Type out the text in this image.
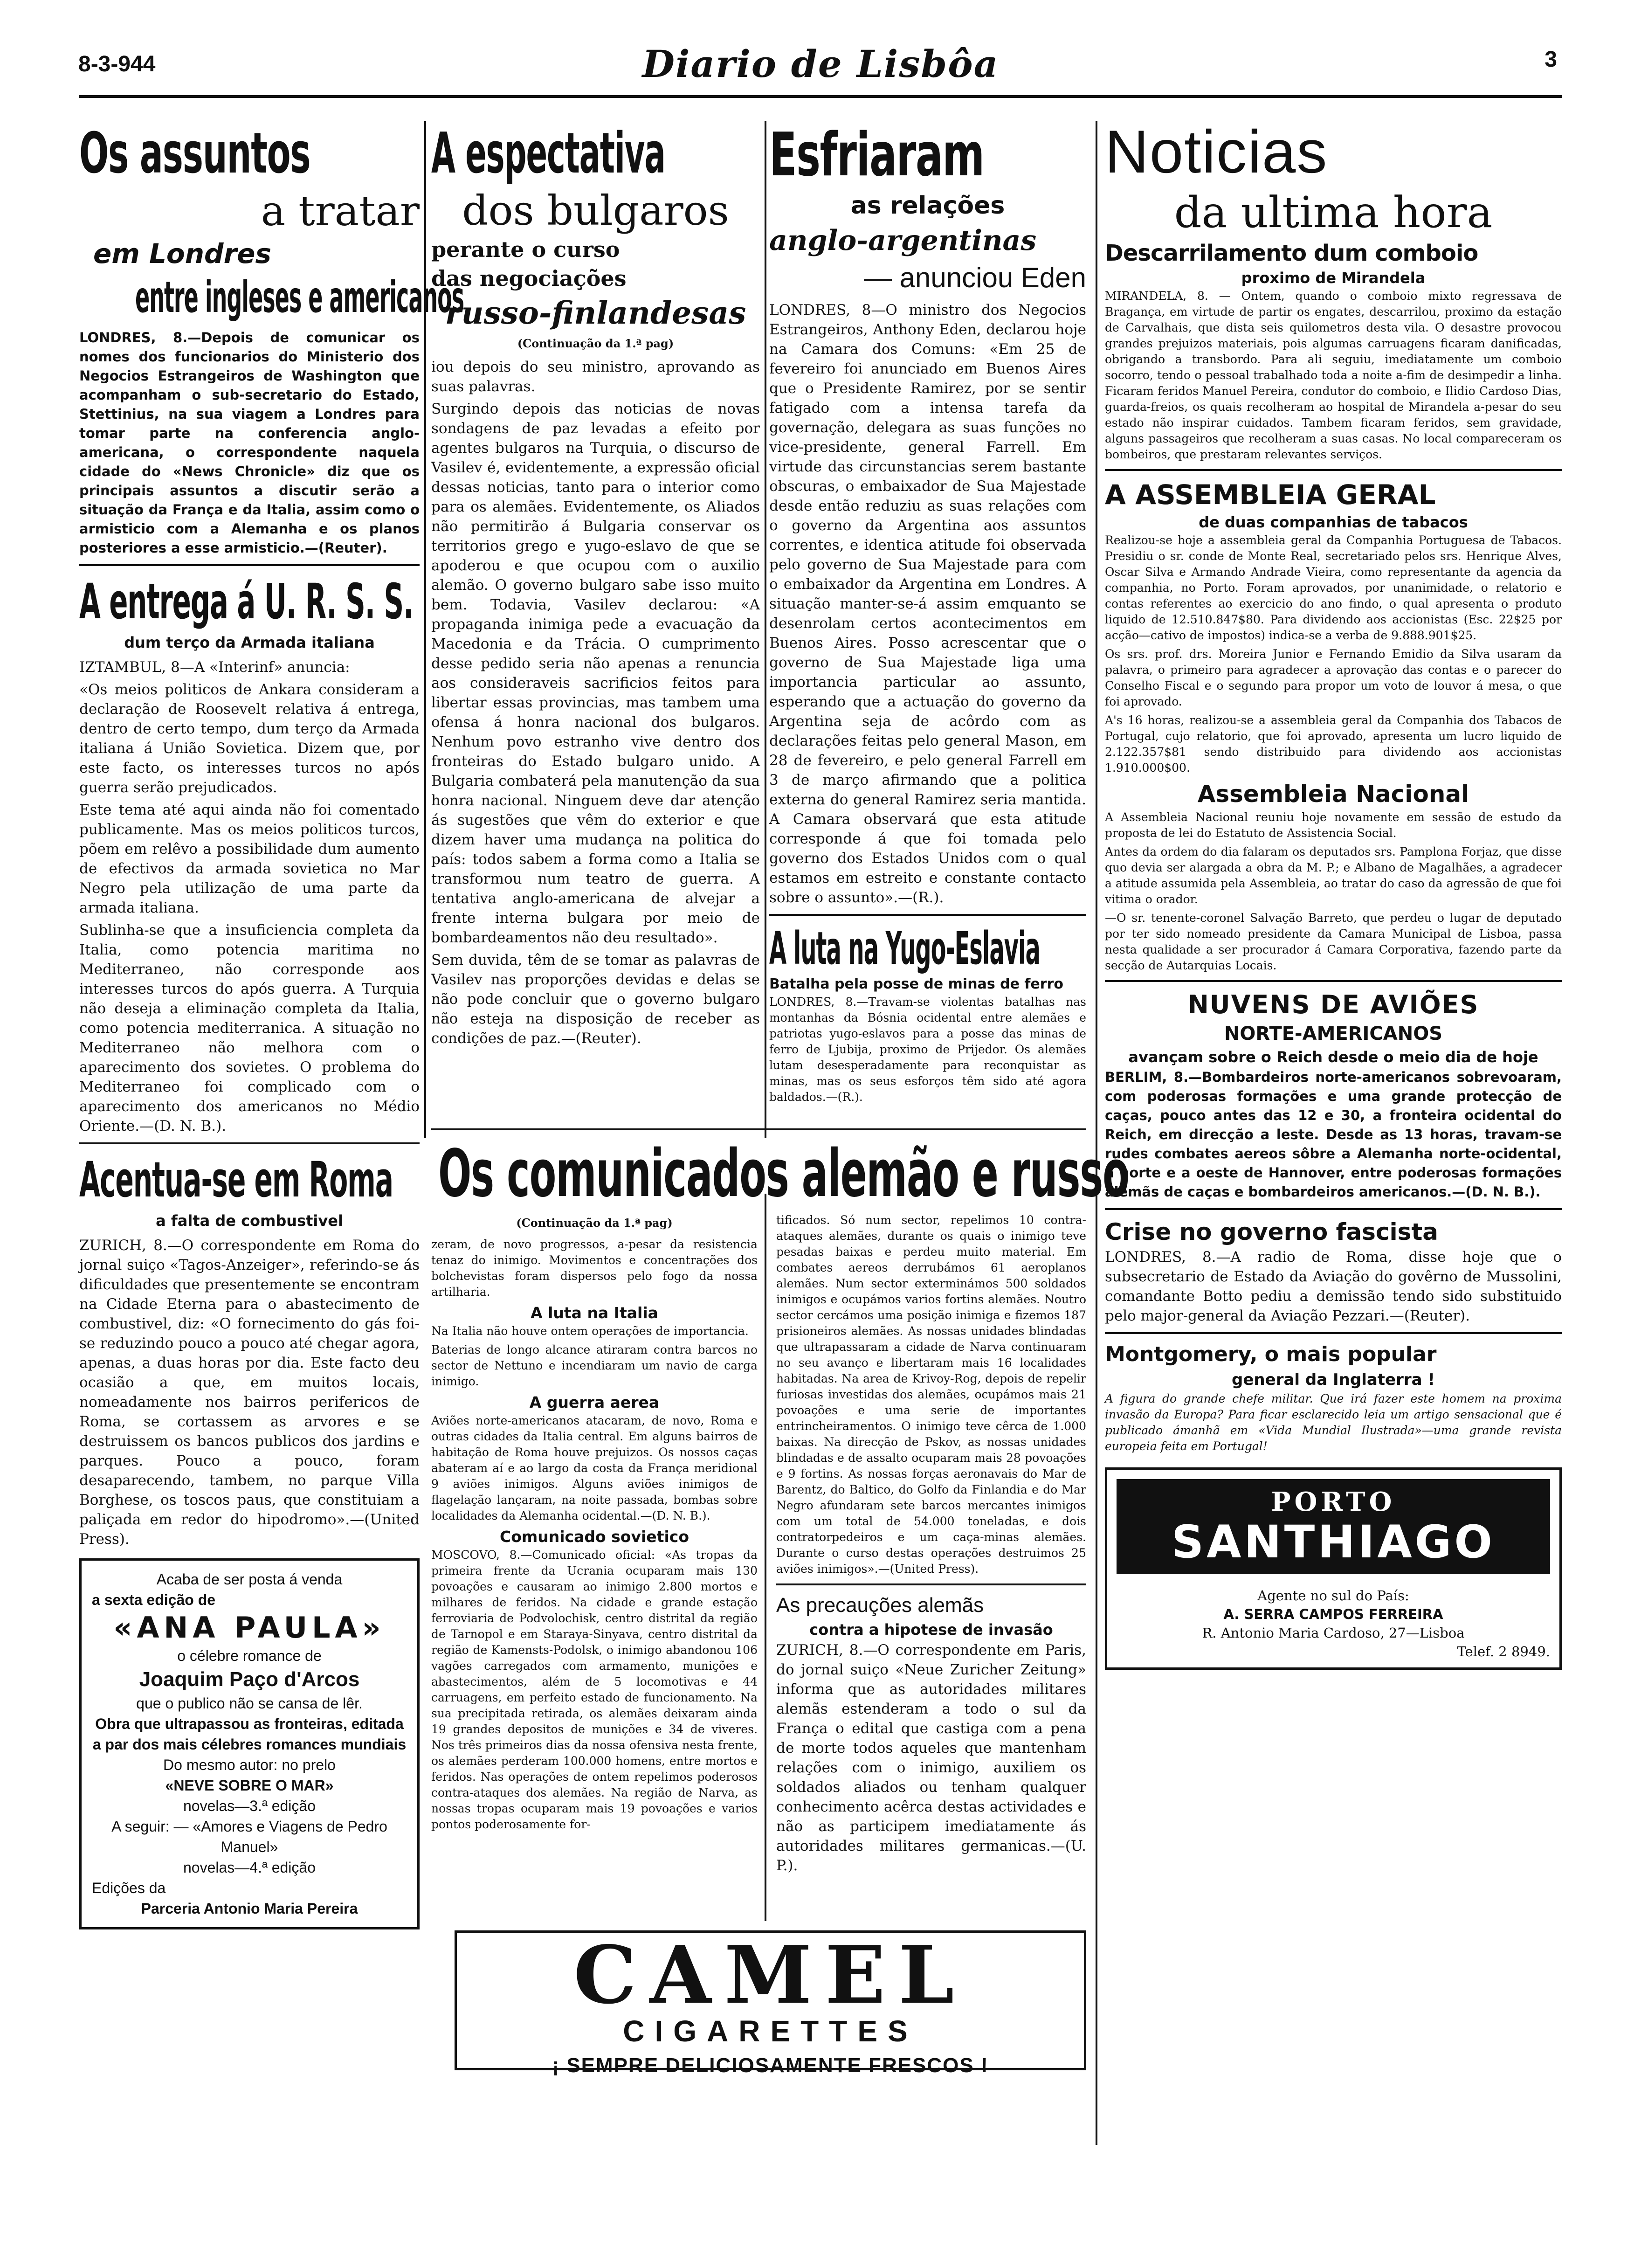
8-3-944	Diario de Lisbôa	3
Os assuntos
a tratar
em Londres
entre ingleses e americanos

LONDRES, 8.—Depois de comunicar os nomes dos funcionarios do Ministerio dos Negocios Estrangeiros de Washington que acompanham o sub-secretario do Estado, Stettinius, na sua viagem a Londres para tomar parte na conferencia anglo-americana, o correspondente naquela cidade do «News Chronicle» diz que os principais assuntos a discutir serão a situação da França e da Italia, assim como o armisticio com a Alemanha e os planos posteriores a esse armisticio.—(Reuter).

A entrega á U. R. S. S.
dum terço da Armada italiana

IZTAMBUL, 8—A «Interinf» anuncia:

«Os meios politicos de Ankara consideram a declaração de Roosevelt relativa á entrega, dentro de certo tempo, dum terço da Armada italiana á União Sovietica. Dizem que, por este facto, os interesses turcos no após guerra serão prejudicados.

Este tema até aqui ainda não foi comentado publicamente. Mas os meios politicos turcos, põem em relêvo a possibilidade dum aumento de efectivos da armada sovietica no Mar Negro pela utilização de uma parte da armada italiana.

Sublinha-se que a insuficiencia completa da Italia, como potencia maritima no Mediterraneo, não corresponde aos interesses turcos do após guerra. A Turquia não deseja a eliminação completa da Italia, como potencia mediterranica. A situação no Mediterraneo não melhora com o aparecimento dos sovietes. O problema do Mediterraneo foi complicado com o aparecimento dos americanos no Médio Oriente.—(D. N. B.).

Acentua-se em Roma
a falta de combustivel

ZURICH, 8.—O correspondente em Roma do jornal suiço «Tagos-Anzeiger», referindo-se ás dificuldades que presentemente se encontram na Cidade Eterna para o abastecimento de combustivel, diz: «O fornecimento do gás foi-se reduzindo pouco a pouco até chegar agora, apenas, a duas horas por dia. Este facto deu ocasião a que, em muitos locais, nomeadamente nos bairros perifericos de Roma, se cortassem as arvores e se destruissem os bancos publicos dos jardins e parques. Pouco a pouco, foram desaparecendo, tambem, no parque Villa Borghese, os toscos paus, que constituiam a paliçada em redor do hipodromo».—(United Press).

Acaba de ser posta á venda
a sexta edição de
«ANA PAULA»
o célebre romance de
Joaquim Paço d'Arcos
que o publico não se cansa de lêr.
Obra que ultrapassou as fronteiras, editada a par dos mais célebres romances mundiais
Do mesmo autor: no prelo
«NEVE SOBRE O MAR»
novelas—3.ª edição
A seguir: — «Amores e Viagens de Pedro Manuel»
novelas—4.ª edição
Edições da
Parceria Antonio Maria Pereira
A espectativa
dos bulgaros
perante o curso
das negociações
russo-finlandesas
(Continuação da 1.ª pag)

iou depois do seu ministro, aprovando as suas palavras.

Surgindo depois das noticias de novas sondagens de paz levadas a efeito por agentes bulgaros na Turquia, o discurso de Vasilev é, evidentemente, a expressão oficial dessas noticias, tanto para o interior como para os alemães. Evidentemente, os Aliados não permitirão á Bulgaria conservar os territorios grego e yugo-eslavo de que se apoderou e que ocupou com o auxilio alemão. O governo bulgaro sabe isso muito bem. Todavia, Vasilev declarou: «A propaganda inimiga pede a evacuação da Macedonia e da Trácia. O cumprimento desse pedido seria não apenas a renuncia aos consideraveis sacrificios feitos para libertar essas provincias, mas tambem uma ofensa á honra nacional dos bulgaros. Nenhum povo estranho vive dentro dos fronteiras do Estado bulgaro unido. A Bulgaria combaterá pela manutenção da sua honra nacional. Ninguem deve dar atenção ás sugestões que vêm do exterior e que dizem haver uma mudança na politica do país: todos sabem a forma como a Italia se transformou num teatro de guerra. A tentativa anglo-americana de alvejar a frente interna bulgara por meio de bombardeamentos não deu resultado».

Sem duvida, têm de se tomar as palavras de Vasilev nas proporções devidas e delas se não pode concluir que o governo bulgaro não esteja na disposição de receber as condições de paz.—(Reuter).

Esfriaram
as relações
anglo-argentinas
— anunciou Eden

LONDRES, 8—O ministro dos Negocios Estrangeiros, Anthony Eden, declarou hoje na Camara dos Comuns: «Em 25 de fevereiro foi anunciado em Buenos Aires que o Presidente Ramirez, por se sentir fatigado com a intensa tarefa da governação, delegara as suas funções no vice-presidente, general Farrell. Em virtude das circunstancias serem bastante obscuras, o embaixador de Sua Majestade desde então reduziu as suas relações com o governo da Argentina aos assuntos correntes, e identica atitude foi observada pelo governo de Sua Majestade para com o embaixador da Argentina em Londres. A situação manter-se-á assim emquanto se desenrolam certos acontecimentos em Buenos Aires. Posso acrescentar que o governo de Sua Majestade liga uma importancia particular ao assunto, esperando que a actuação do governo da Argentina seja de acôrdo com as declarações feitas pelo general Mason, em 28 de fevereiro, e pelo general Farrell em 3 de março afirmando que a politica externa do general Ramirez seria mantida. A Camara observará que esta atitude corresponde á que foi tomada pelo governo dos Estados Unidos com o qual estamos em estreito e constante contacto sobre o assunto».—(R.).

A luta na Yugo-Eslavia
Batalha pela posse de minas de ferro

LONDRES, 8.—Travam-se violentas batalhas nas montanhas da Bósnia ocidental entre alemães e patriotas yugo-eslavos para a posse das minas de ferro de Ljubija, proximo de Prijedor. Os alemães lutam desesperadamente para reconquistar as minas, mas os seus esforços têm sido até agora baldados.—(R.).

Os comunicados alemão e russo
(Continuação da 1.ª pag)

zeram, de novo progressos, a-pesar da resistencia tenaz do inimigo. Movimentos e concentrações dos bolchevistas foram dispersos pelo fogo da nossa artilharia.

A luta na Italia

Na Italia não houve ontem operações de importancia.

Baterias de longo alcance atiraram contra barcos no sector de Nettuno e incendiaram um navio de carga inimigo.

A guerra aerea

Aviões norte-americanos atacaram, de novo, Roma e outras cidades da Italia central. Em alguns bairros de habitação de Roma houve prejuizos. Os nossos caças abateram aí e ao largo da costa da França meridional 9 aviões inimigos. Alguns aviões inimigos de flagelação lançaram, na noite passada, bombas sobre localidades da Alemanha ocidental.—(D. N. B.).

Comunicado sovietico

MOSCOVO, 8.—Comunicado oficial: «As tropas da primeira frente da Ucrania ocuparam mais 130 povoações e causaram ao inimigo 2.800 mortos e milhares de feridos. Na cidade e grande estação ferroviaria de Podvolochisk, centro distrital da região de Tarnopol e em Staraya-Sinyava, centro distrital da região de Kamensts-Podolsk, o inimigo abandonou 106 vagões carregados com armamento, munições e abastecimentos, além de 5 locomotivas e 44 carruagens, em perfeito estado de funcionamento. Na sua precipitada retirada, os alemães deixaram ainda 19 grandes depositos de munições e 34 de viveres. Nos três primeiros dias da nossa ofensiva nesta frente, os alemães perderam 100.000 homens, entre mortos e feridos. Nas operações de ontem repelimos poderosos contra-ataques dos alemães. Na região de Narva, as nossas tropas ocuparam mais 19 povoações e varios pontos poderosamente for-

tificados. Só num sector, repelimos 10 contra-ataques alemães, durante os quais o inimigo teve pesadas baixas e perdeu muito material. Em combates aereos derrubámos 61 aeroplanos alemães. Num sector exterminámos 500 soldados inimigos e ocupámos varios fortins alemães. Noutro sector cercámos uma posição inimiga e fizemos 187 prisioneiros alemães. As nossas unidades blindadas que ultrapassaram a cidade de Narva continuaram no seu avanço e libertaram mais 16 localidades habitadas. Na area de Krivoy-Rog, depois de repelir furiosas investidas dos alemães, ocupámos mais 21 povoações e uma serie de importantes entrincheiramentos. O inimigo teve cêrca de 1.000 baixas. Na direcção de Pskov, as nossas unidades blindadas e de assalto ocuparam mais 28 povoações e 9 fortins. As nossas forças aeronavais do Mar de Barentz, do Baltico, do Golfo da Finlandia e do Mar Negro afundaram sete barcos mercantes inimigos com um total de 54.000 toneladas, e dois contratorpedeiros e um caça-minas alemães. Durante o curso destas operações destruimos 25 aviões inimigos».—(United Press).

As precauções alemãs
contra a hipotese de invasão

ZURICH, 8.—O correspondente em Paris, do jornal suiço «Neue Zuricher Zeitung» informa que as autoridades militares alemãs estenderam a todo o sul da França o edital que castiga com a pena de morte todos aqueles que mantenham relações com o inimigo, auxiliem os soldados aliados ou tenham qualquer conhecimento acêrca destas actividades e não as participem imediatamente ás autoridades militares germanicas.—(U. P.).

CAMEL
CIGARETTES
¡ SEMPRE DELICIOSAMENTE FRESCOS !
Noticias
da ultima hora
Descarrilamento dum comboio
proximo de Mirandela

MIRANDELA, 8. — Ontem, quando o comboio mixto regressava de Bragança, em virtude de partir os engates, descarrilou, proximo da estação de Carvalhais, que dista seis quilometros desta vila. O desastre provocou grandes prejuizos materiais, pois algumas carruagens ficaram danificadas, obrigando a transbordo. Para ali seguiu, imediatamente um comboio socorro, tendo o pessoal trabalhado toda a noite a-fim de desimpedir a linha. Ficaram feridos Manuel Pereira, condutor do comboio, e Ilidio Cardoso Dias, guarda-freios, os quais recolheram ao hospital de Mirandela a-pesar do seu estado não inspirar cuidados. Tambem ficaram feridos, sem gravidade, alguns passageiros que recolheram a suas casas. No local compareceram os bombeiros, que prestaram relevantes serviços.

A ASSEMBLEIA GERAL
de duas companhias de tabacos

Realizou-se hoje a assembleia geral da Companhia Portuguesa de Tabacos. Presidiu o sr. conde de Monte Real, secretariado pelos srs. Henrique Alves, Oscar Silva e Armando Andrade Vieira, como representante da agencia da companhia, no Porto. Foram aprovados, por unanimidade, o relatorio e contas referentes ao exercicio do ano findo, o qual apresenta o produto liquido de 12.510.847$80. Para dividendo aos accionistas (Esc. 22$25 por acção—cativo de impostos) indica-se a verba de 9.888.901$25.

Os srs. prof. drs. Moreira Junior e Fernando Emidio da Silva usaram da palavra, o primeiro para agradecer a aprovação das contas e o parecer do Conselho Fiscal e o segundo para propor um voto de louvor á mesa, o que foi aprovado.

A's 16 horas, realizou-se a assembleia geral da Companhia dos Tabacos de Portugal, cujo relatorio, que foi aprovado, apresenta um lucro liquido de 2.122.357$81 sendo distribuido para dividendo aos accionistas 1.910.000$00.

Assembleia Nacional

A Assembleia Nacional reuniu hoje novamente em sessão de estudo da proposta de lei do Estatuto de Assistencia Social.

Antes da ordem do dia falaram os deputados srs. Pamplona Forjaz, que disse quo devia ser alargada a obra da M. P.; e Albano de Magalhães, a agradecer a atitude assumida pela Assembleia, ao tratar do caso da agressão de que foi vitima o orador.

—O sr. tenente-coronel Salvação Barreto, que perdeu o lugar de deputado por ter sido nomeado presidente da Camara Municipal de Lisboa, passa nesta qualidade a ser procurador á Camara Corporativa, fazendo parte da secção de Autarquias Locais.

NUVENS DE AVIÕES
NORTE-AMERICANOS
avançam sobre o Reich desde o meio dia de hoje

BERLIM, 8.—Bombardeiros norte-americanos sobrevoaram, com poderosas formações e uma grande protecção de caças, pouco antes das 12 e 30, a fronteira ocidental do Reich, em direcção a leste. Desde as 13 horas, travam-se rudes combates aereos sôbre a Alemanha norte-ocidental, a norte e a oeste de Hannover, entre poderosas formações alemãs de caças e bombardeiros americanos.—(D. N. B.).

Crise no governo fascista

LONDRES, 8.—A radio de Roma, disse hoje que o subsecretario de Estado da Aviação do govêrno de Mussolini, comandante Botto pediu a demissão tendo sido substituido pelo major-general da Aviação Pezzari.—(Reuter).

Montgomery, o mais popular
general da Inglaterra !

A figura do grande chefe militar. Que irá fazer este homem na proxima invasão da Europa? Para ficar esclarecido leia um artigo sensacional que é publicado ámanhã em «Vida Mundial Ilustrada»—uma grande revista europeia feita em Portugal!

PORTO
SANTHIAGO
Agente no sul do País:
A. SERRA CAMPOS FERREIRA
R. Antonio Maria Cardoso, 27—Lisboa
Telef. 2 8949.
